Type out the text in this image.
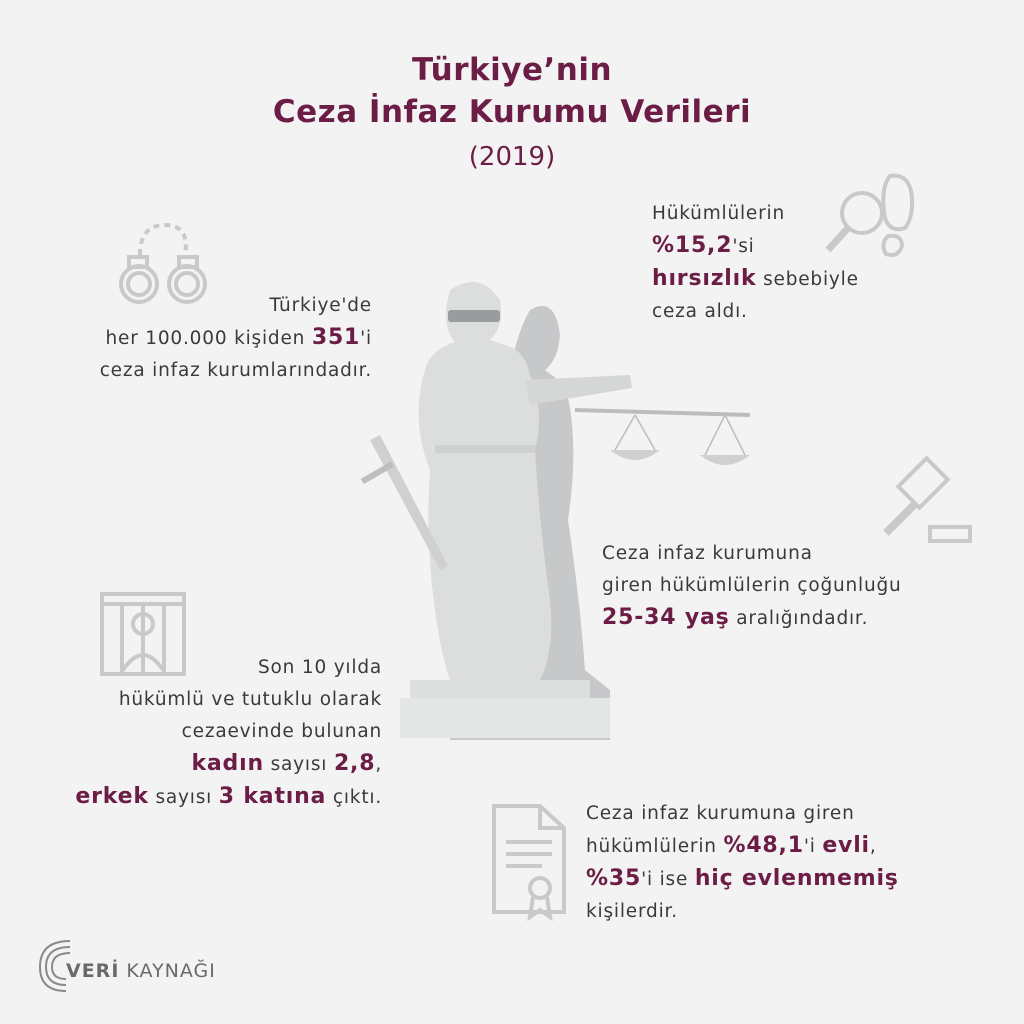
Türkiye’nin
Ceza İnfaz Kurumu Verileri
(2019)
Türkiye'de
her 100.000 kişiden 351'i
ceza infaz kurumlarındadır.
Hükümlülerin
%15,2'si
hırsızlık sebebiyle
ceza aldı.
Ceza infaz kurumuna
giren hükümlülerin çoğunluğu
25-34 yaş aralığındadır.
Son 10 yılda
hükümlü ve tutuklu olarak
cezaevinde bulunan
kadın sayısı 2,8,
erkek sayısı 3 katına çıktı.
Ceza infaz kurumuna giren
hükümlülerin %48,1'i evli,
%35'i ise hiç evlenmemiş
kişilerdir.
VERİ KAYNAĞI
